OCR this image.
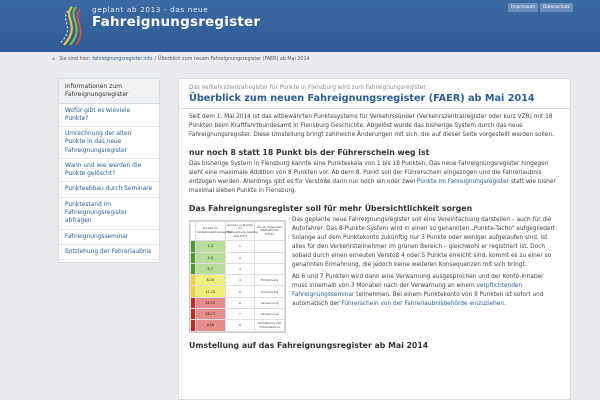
geplant ab 2013 - das neue
Fahreignungsregister
Impressum	Datenschutz
⌂ Sie sind hier: fahreignungsregister.info / Überblick zum neuen Fahreignungsregister (FAER) ab Mai 2014
Informationen zum Fahreignungsregister
Wofür gibt es wieviele Punkte?
Umrechnung der alten Punkte in das neue Fahreignungsregister
Wann und wie werden die Punkte gelöscht?
Punkteabbau durch Seminare
Punktestand im Fahreignungsregister abfragen
Fahreignungsseminar
Entziehung der Fahrerlaubnis
Das Verkehrszentralregister für Punkte in Flensburg wird zum Fahreignungsregister
Überblick zum neuen Fahreignungsregister (FAER) ab Mai 2014

Seit dem 1. Mai 2014 ist das altbewährten Punktesystems für Verkehrssünder (Verkehrszentralregister oder kurz VZR) mit 18 Punkten beim Kraftfahrtbundesamt in Flensburg Geschichte. Abgelöst wurde das bisherige System durch das neue Fahreignungsregister. Diese Umstellung bringt zahlreiche Änderungen mit sich, die auf dieser Seite vorgestellt werden sollen.

nur noch 8 statt 18 Punkt bis der Führerschein weg ist

Das bisherige System in Flensburg kannte eine Punkteskala von 1 bis 18 Punkten. Das neue Fahreignungsregister hingegen sieht eine maximale Addition von 8 Punkten vor. Ab dem 8. Punkt soll der Führerschein eingezogen und die Fahrerlaubnis entzogen werden. Allerdings gibt es für Verstöße dann nur noch ein oder zwei Punkte im Fahreignungsregister statt wie bisher maximal sieben Punkte in Flensburg.

Das Fahreignungsregister soll für mehr Übersichtlichkeit sorgen
	Punkte im Verkehrszentralregister	werden in Punkte im Fahreignungsregister überführt	die zu folgenden Maßnahmen führen
	1-3	1	
	4-5	2	
	6-7	3	
	8-10	4	Ermahnung
	11-13	5	Ermahnung
	14-15	6	Verwarnung
	16-17	7	Verwarnung
	≥18	8	Entziehung der Fahrerlaubnis

Das geplante neue Fahreignungsregister soll eine Vereinfachung darstellen – auch für die Autofahrer. Das 8-Punkte-System wird in einen so genannten „Punkte-Tacho“ aufgegliedert. Solange auf dem Punktekonto zukünftig nur 3 Punkte oder weniger aufgelaufen sind, ist alles für den Verkehrsteilnehmer im grünen Bereich – gleichwohl er registriert ist. Doch sobald durch einen erneuten Verstoß 4 oder 5 Punkte erreicht sind, kommt es zu einer so genannten Ermahnung, die jedoch keine weiteren Konsequenzen mit sich bringt.

Ab 6 und 7 Punkten wird dann eine Verwarnung ausgesprochen und der Konto-Inhaber muss innerhalb von 3 Monaten nach der Verwarnung an einem verpflichtenden Fahreignungsseminar teilnehmen. Bei einem Punktekonto von 8 Punkten ist sofort und automatisch der Führerschein von der Fahrerlaubnisbehörde einzuziehen.

Umstellung auf das Fahreignungsregister ab Mai 2014
